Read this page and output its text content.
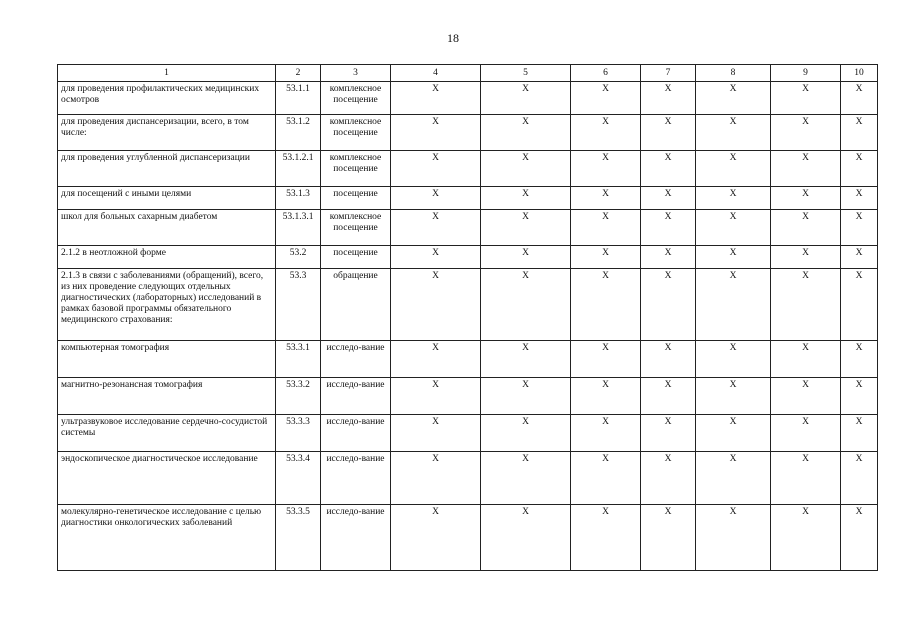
18
1	2	3	4	5	6	7	8	9	10
для проведения профилактических медицинских осмотров	53.1.1	комплексное посещение	X	X	X	X	X	X	X
для проведения диспансеризации, всего, в том числе:	53.1.2	комплексное посещение	X	X	X	X	X	X	X
для проведения углубленной диспансеризации	53.1.2.1	комплексное посещение	X	X	X	X	X	X	X
для посещений с иными целями	53.1.3	посещение	X	X	X	X	X	X	X
школ для больных сахарным диабетом	53.1.3.1	комплексное посещение	X	X	X	X	X	X	X
2.1.2 в неотложной форме	53.2	посещение	X	X	X	X	X	X	X
2.1.3 в связи с заболеваниями (обращений), всего, из них проведение следующих отдельных диагностических (лабораторных) исследований в рамках базовой программы обязательного медицинского страхования:	53.3	обращение	X	X	X	X	X	X	X
компьютерная томография	53.3.1	исследо-вание	X	X	X	X	X	X	X
магнитно-резонансная томография	53.3.2	исследо-вание	X	X	X	X	X	X	X
ультразвуковое исследование сердечно-сосудистой системы	53.3.3	исследо-вание	X	X	X	X	X	X	X
эндоскопическое диагностическое исследование	53.3.4	исследо-вание	X	X	X	X	X	X	X
молекулярно-генетическое исследование с целью диагностики онкологических заболеваний	53.3.5	исследо-вание	X	X	X	X	X	X	X
